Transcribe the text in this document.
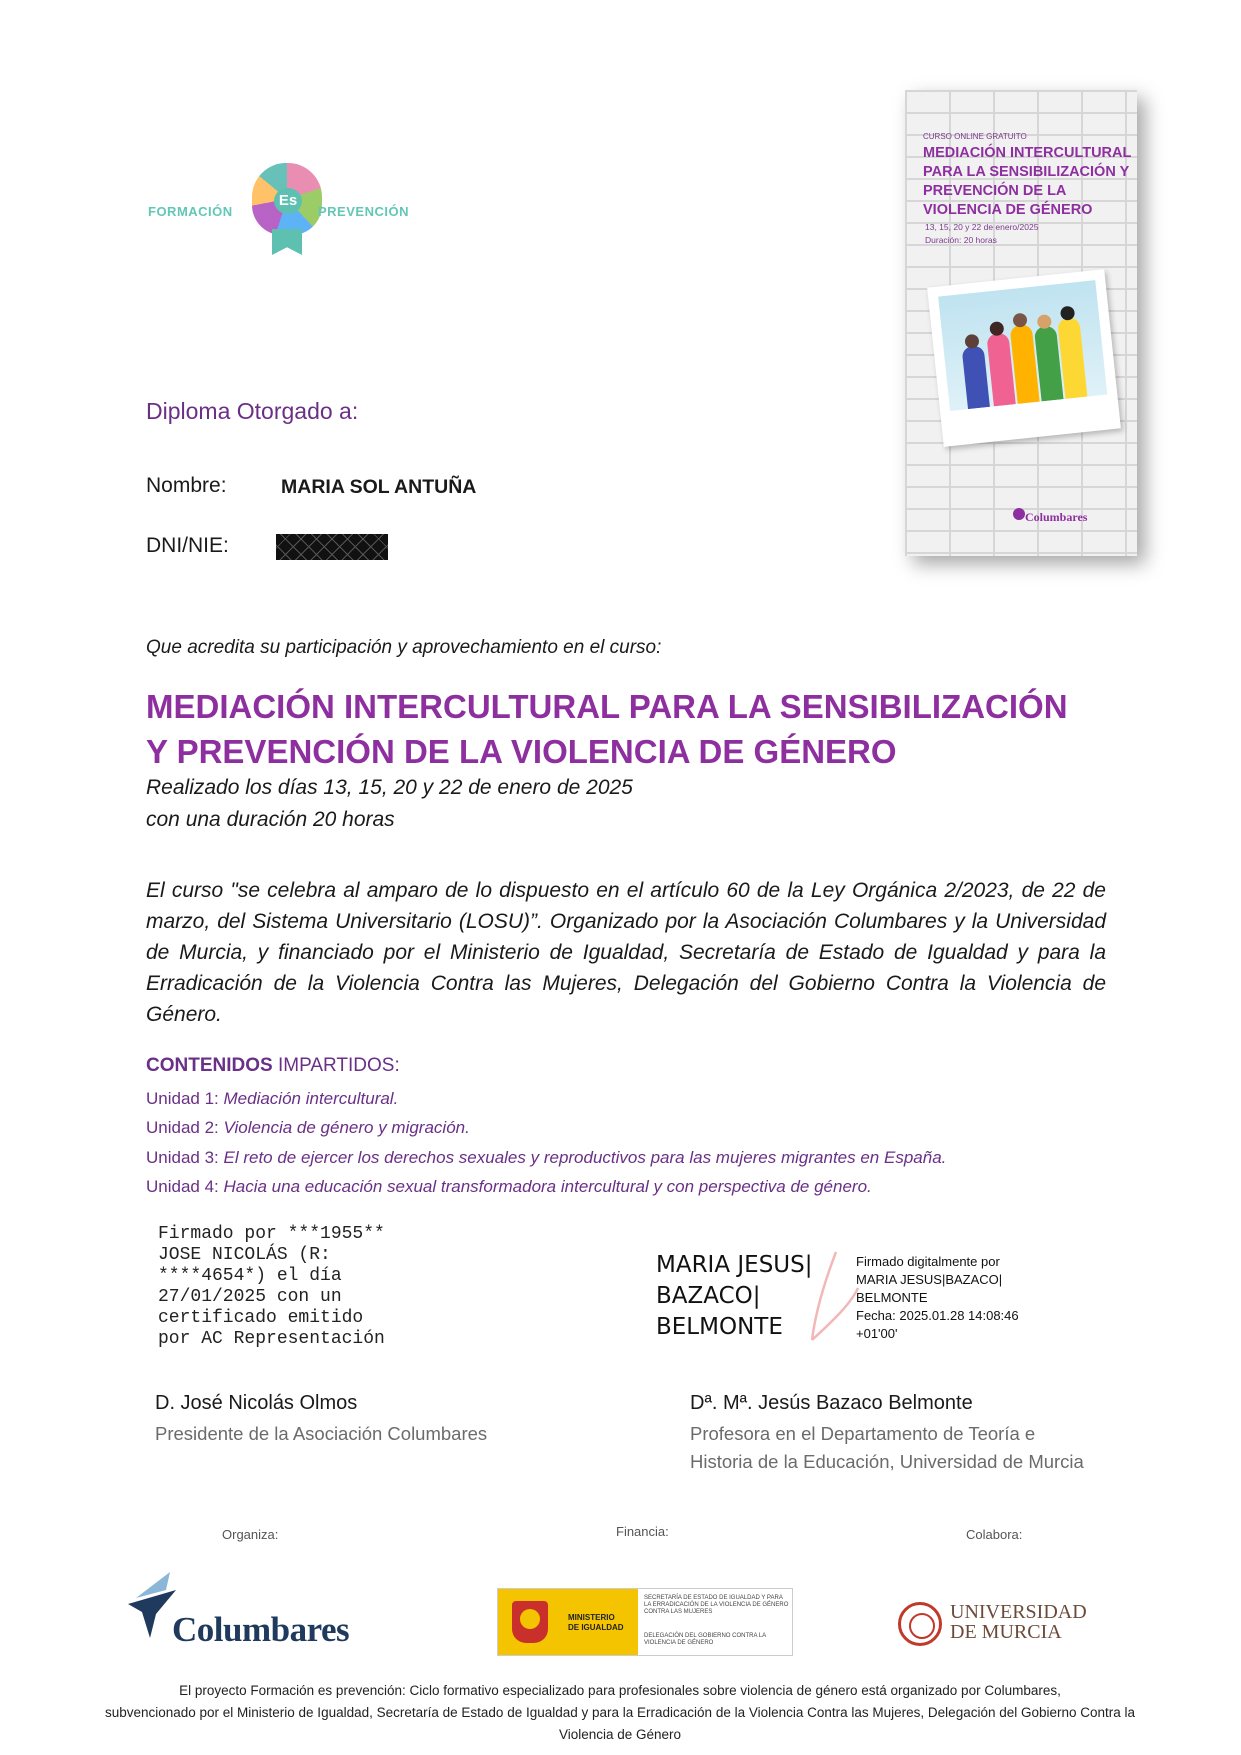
FORMACIÓN
Es
PREVENCIÓN
CURSO ONLINE GRATUITO
MEDIACIÓN INTERCULTURAL PARA LA SENSIBILIZACIÓN Y PREVENCIÓN DE LA VIOLENCIA DE GÉNERO
13, 15, 20 y 22 de enero/2025
Duración: 20 horas
Columbares
Diploma Otorgado a:
Nombre:	MARIA SOL ANTUÑA
DNI/NIE:
Que acredita su participación y aprovechamiento en el curso:
MEDIACIÓN INTERCULTURAL PARA LA SENSIBILIZACIÓN
Y PREVENCIÓN DE LA VIOLENCIA DE GÉNERO
Realizado los días 13, 15, 20 y 22 de enero de 2025
con una duración 20 horas
El curso "se celebra al amparo de lo dispuesto en el artículo 60 de la Ley Orgánica 2/2023, de 22 de marzo, del Sistema Universitario (LOSU)”. Organizado por la Asociación Columbares y la Universidad de Murcia, y financiado por el Ministerio de Igualdad, Secretaría de Estado de Igualdad y para la Erradicación de la Violencia Contra las Mujeres, Delegación del Gobierno Contra la Violencia de Género.
CONTENIDOS IMPARTIDOS:
Unidad 1: Mediación intercultural.
Unidad 2: Violencia de género y migración.
Unidad 3: El reto de ejercer los derechos sexuales y reproductivos para las mujeres migrantes en España.
Unidad 4: Hacia una educación sexual transformadora intercultural y con perspectiva de género.
Firmado por ***1955**
JOSE NICOLÁS (R:
****4654*) el día
27/01/2025 con un
certificado emitido
por AC Representación
MARIA JESUS| BAZACO| BELMONTE
Firmado digitalmente por
MARIA JESUS|BAZACO|
BELMONTE
Fecha: 2025.01.28 14:08:46
+01'00'
D. José Nicolás Olmos
Presidente de la Asociación Columbares
Dª. Mª. Jesús Bazaco Belmonte
Profesora en el Departamento de Teoría e
Historia de la Educación, Universidad de Murcia
Organiza:	Financia:	Colabora:
Columbares	MINISTERIO
DE IGUALDAD
SECRETARÍA DE ESTADO DE IGUALDAD Y PARA LA ERRADICACIÓN DE LA VIOLENCIA DE GÉNERO CONTRA LAS MUJERES
DELEGACIÓN DEL GOBIERNO CONTRA LA VIOLENCIA DE GÉNERO
UNIVERSIDAD
DE MURCIA
El proyecto Formación es prevención: Ciclo formativo especializado para profesionales sobre violencia de género está organizado por Columbares,
subvencionado por el Ministerio de Igualdad, Secretaría de Estado de Igualdad y para la Erradicación de la Violencia Contra las Mujeres, Delegación del Gobierno Contra la Violencia de Género
